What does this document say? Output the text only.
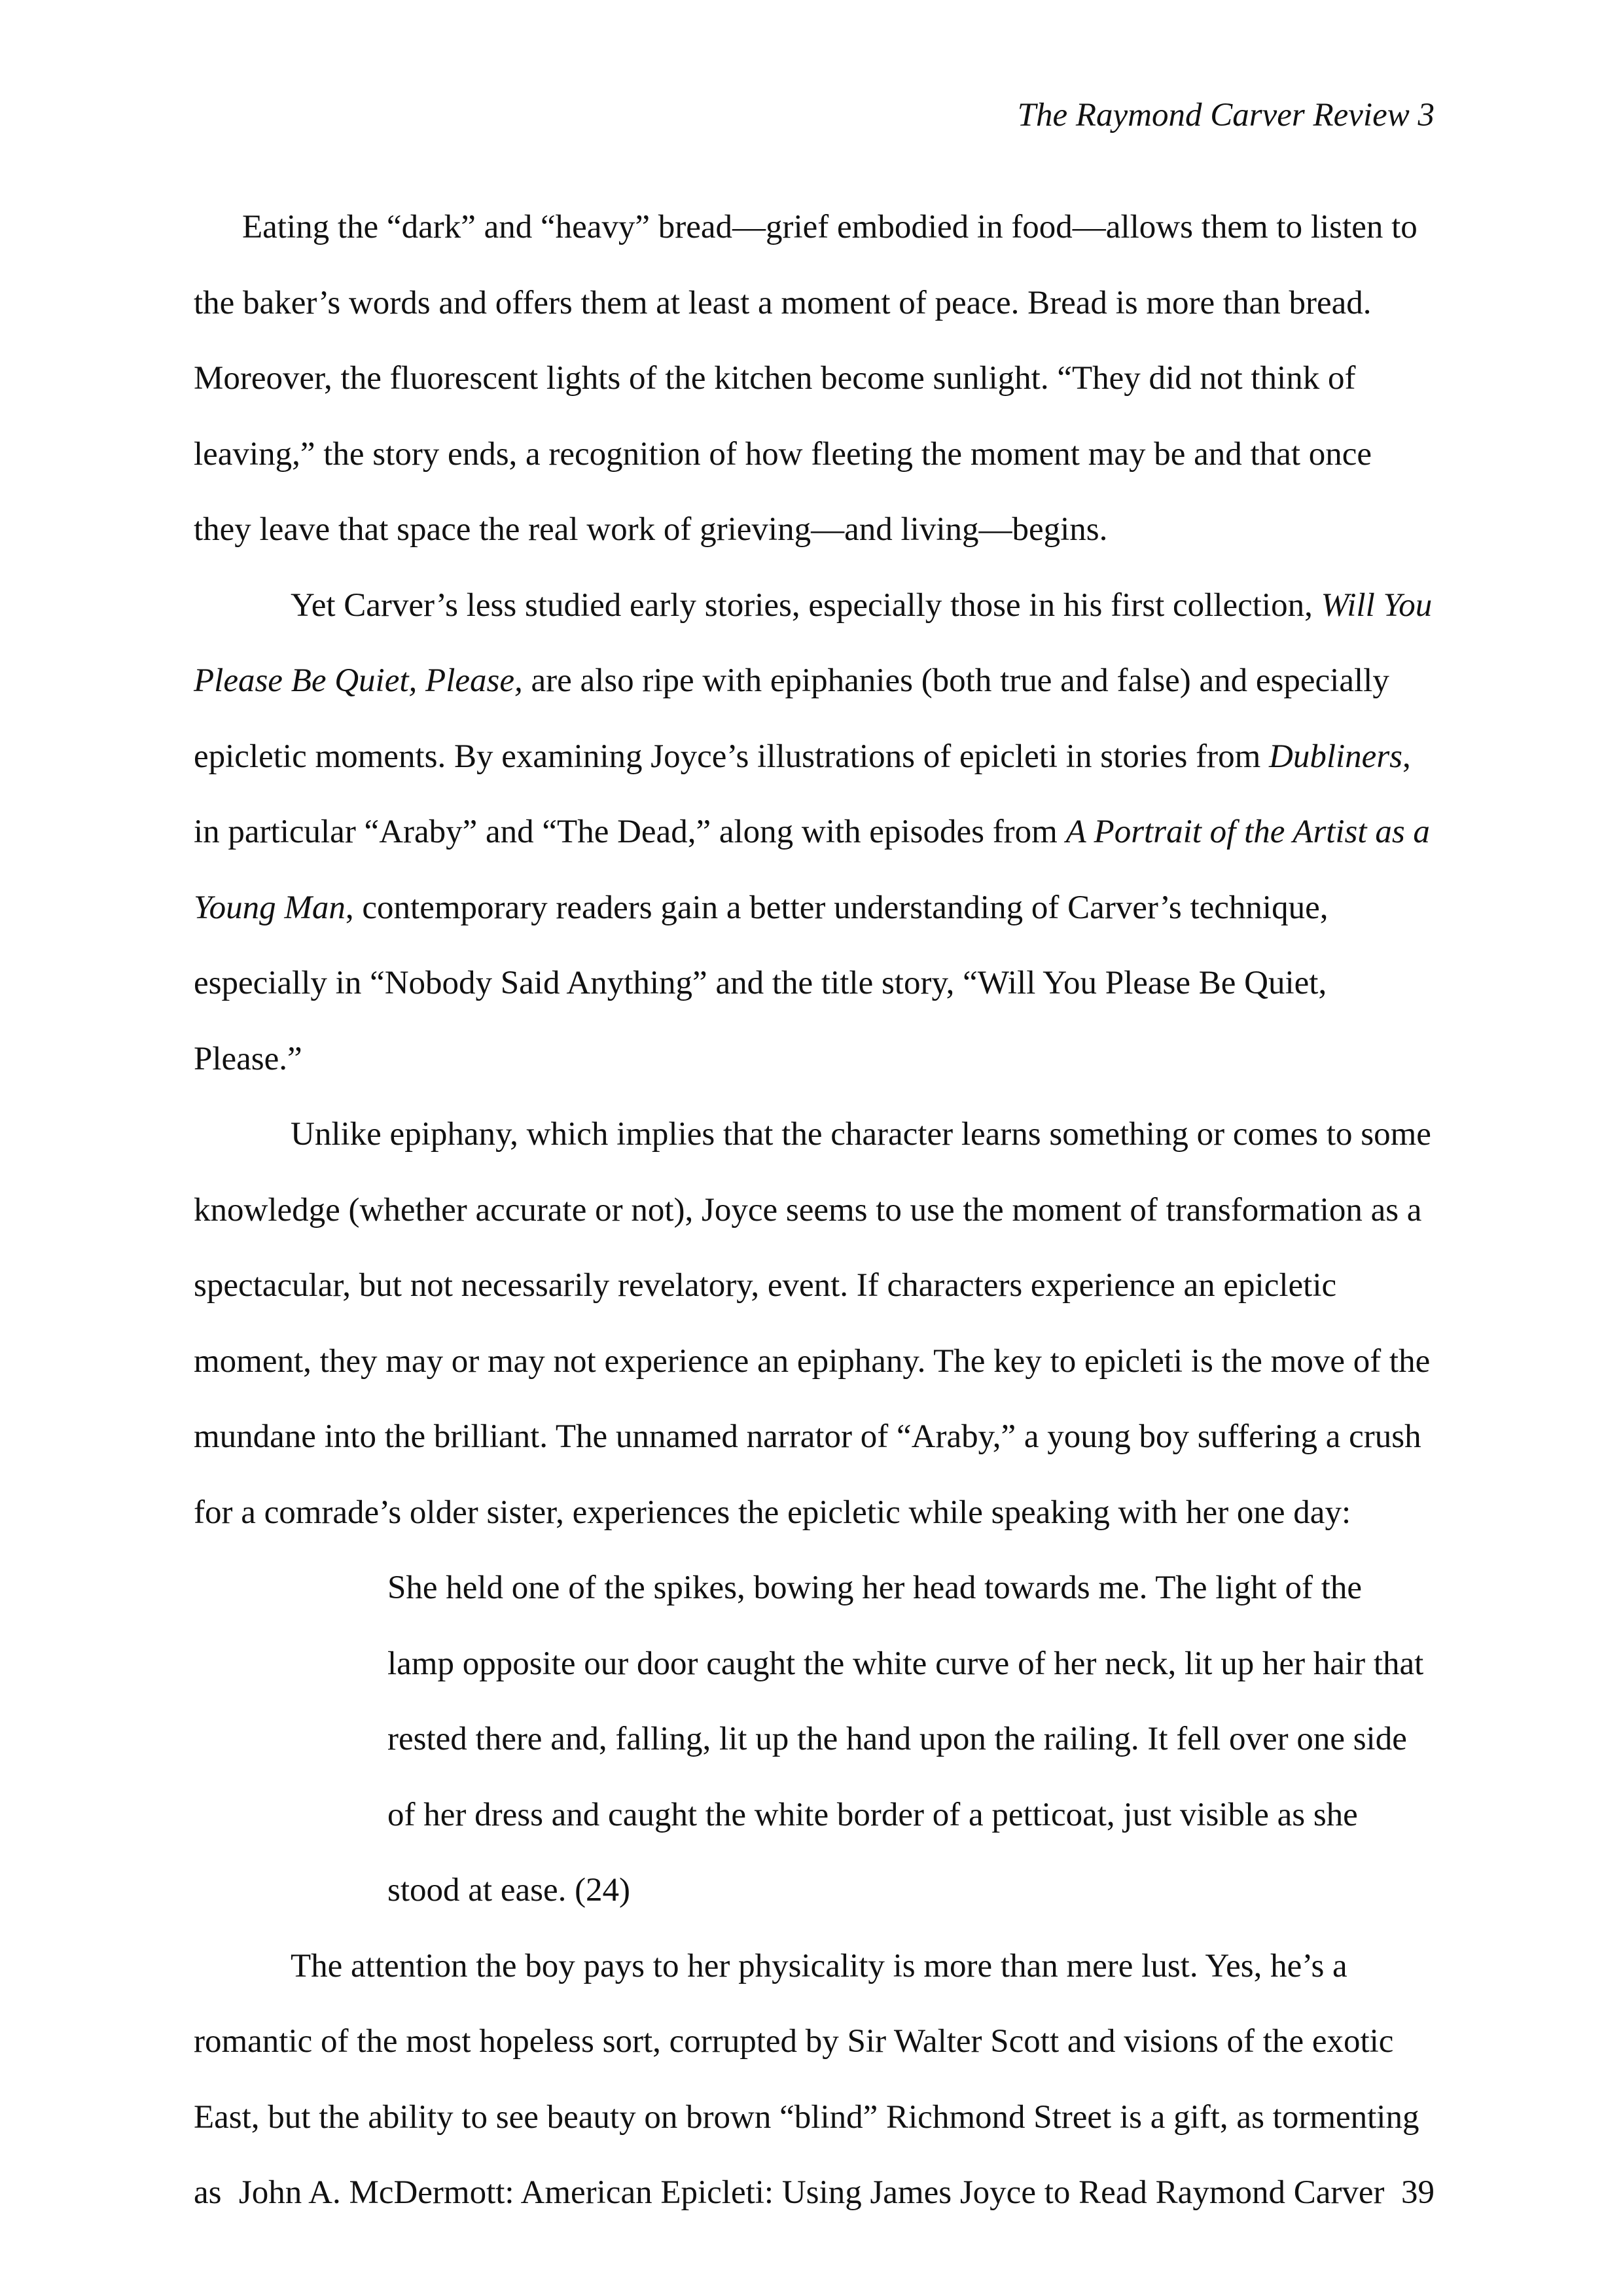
The Raymond Carver Review 3

Eating the “dark” and “heavy” bread—grief embodied in food—allows them to listen to the baker’s words and offers them at least a moment of peace. Bread is more than bread. Moreover, the fluorescent lights of the kitchen become sunlight. “They did not think of leaving,” the story ends, a recognition of how fleeting the moment may be and that once they leave that space the real work of grieving—and living—begins.

Yet Carver’s less studied early stories, especially those in his first collection, Will You Please Be Quiet, Please, are also ripe with epiphanies (both true and false) and especially epicletic moments. By examining Joyce’s illustrations of epicleti in stories from Dubliners, in particular “Araby” and “The Dead,” along with episodes from A Portrait of the Artist as a Young Man, contemporary readers gain a better understanding of Carver’s technique, especially in “Nobody Said Anything” and the title story, “Will You Please Be Quiet, Please.”

Unlike epiphany, which implies that the character learns something or comes to some knowledge (whether accurate or not), Joyce seems to use the moment of transformation as a spectacular, but not necessarily revelatory, event. If characters experience an epicletic moment, they may or may not experience an epiphany. The key to epicleti is the move of the mundane into the brilliant. The unnamed narrator of “Araby,” a young boy suffering a crush for a comrade’s older sister, experiences the epicletic while speaking with her one day:

She held one of the spikes, bowing her head towards me. The light of the lamp opposite our door caught the white curve of her neck, lit up her hair that rested there and, falling, lit up the hand upon the railing. It fell over one side of her dress and caught the white border of a petticoat, just visible as she stood at ease. (24)

The attention the boy pays to her physicality is more than mere lust. Yes, he’s a romantic of the most hopeless sort, corrupted by Sir Walter Scott and visions of the exotic East, but the ability to see beauty on brown “blind” Richmond Street is a gift, as tormenting as John A. McDermott: American Epicleti: Using James Joyce to Read Raymond Carver 39
